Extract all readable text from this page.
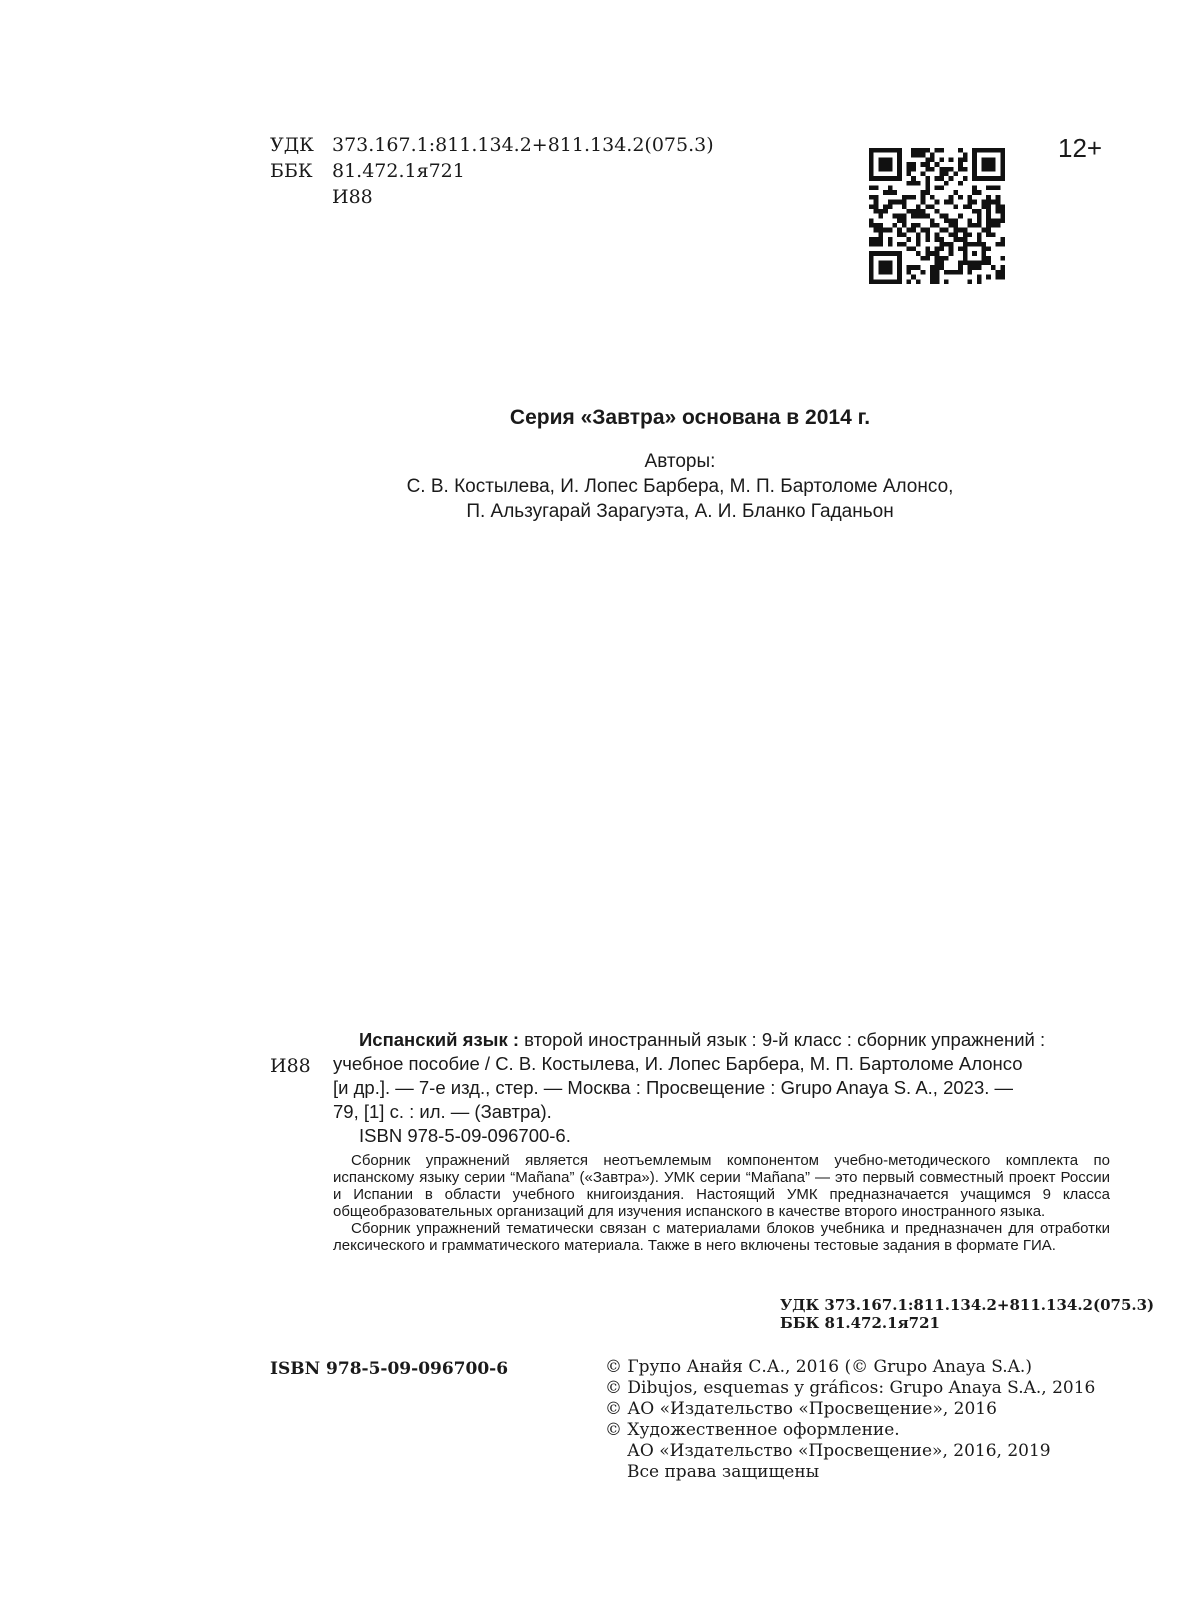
УДК 373.167.1:811.134.2+811.134.2(075.3)
ББК 81.472.1я721
И88
12+
Серия «Завтра» основана в 2014 г.
Авторы:
С. В. Костылева, И. Лопес Барбера, М. П. Бартоломе Алонсо,
П. Альзугарай Зарагуэта, А. И. Бланко Гаданьон
И88
Испанский язык : второй иностранный язык : 9-й класс : сборник упражнений :
учебное пособие / С. В. Костылева, И. Лопес Барбера, М. П. Бартоломе Алонсо
[и др.]. — 7-е изд., стер. — Москва : Просвещение : Grupo Anaya S. A., 2023. —
79, [1] с. : ил. — (Завтра).
ISBN 978-5-09-096700-6.

Сборник упражнений является неотъемлемым компонентом учебно-методического комплекта по испанскому языку серии “Mañana” («Завтра»). УМК серии “Mañana” — это первый совместный проект России и Испании в области учебного книгоиздания. Настоящий УМК предназначается учащимся 9 класса общеобразовательных организаций для изучения испанского в качестве второго иностранного языка.

Сборник упражнений тематически связан с материалами блоков учебника и предназначен для отработки лексического и грамматического материала. Также в него включены тестовые задания в формате ГИА.

УДК 373.167.1:811.134.2+811.134.2(075.3)
ББК 81.472.1я721
ISBN 978-5-09-096700-6	© Групо Анайя С.А., 2016 (© Grupo Anaya S.A.)
© Dibujos, esquemas y gráficos: Grupo Anaya S.A., 2016
© АО «Издательство «Просвещение», 2016
© Художественное оформление.
АО «Издательство «Просвещение», 2016, 2019
Все права защищены
